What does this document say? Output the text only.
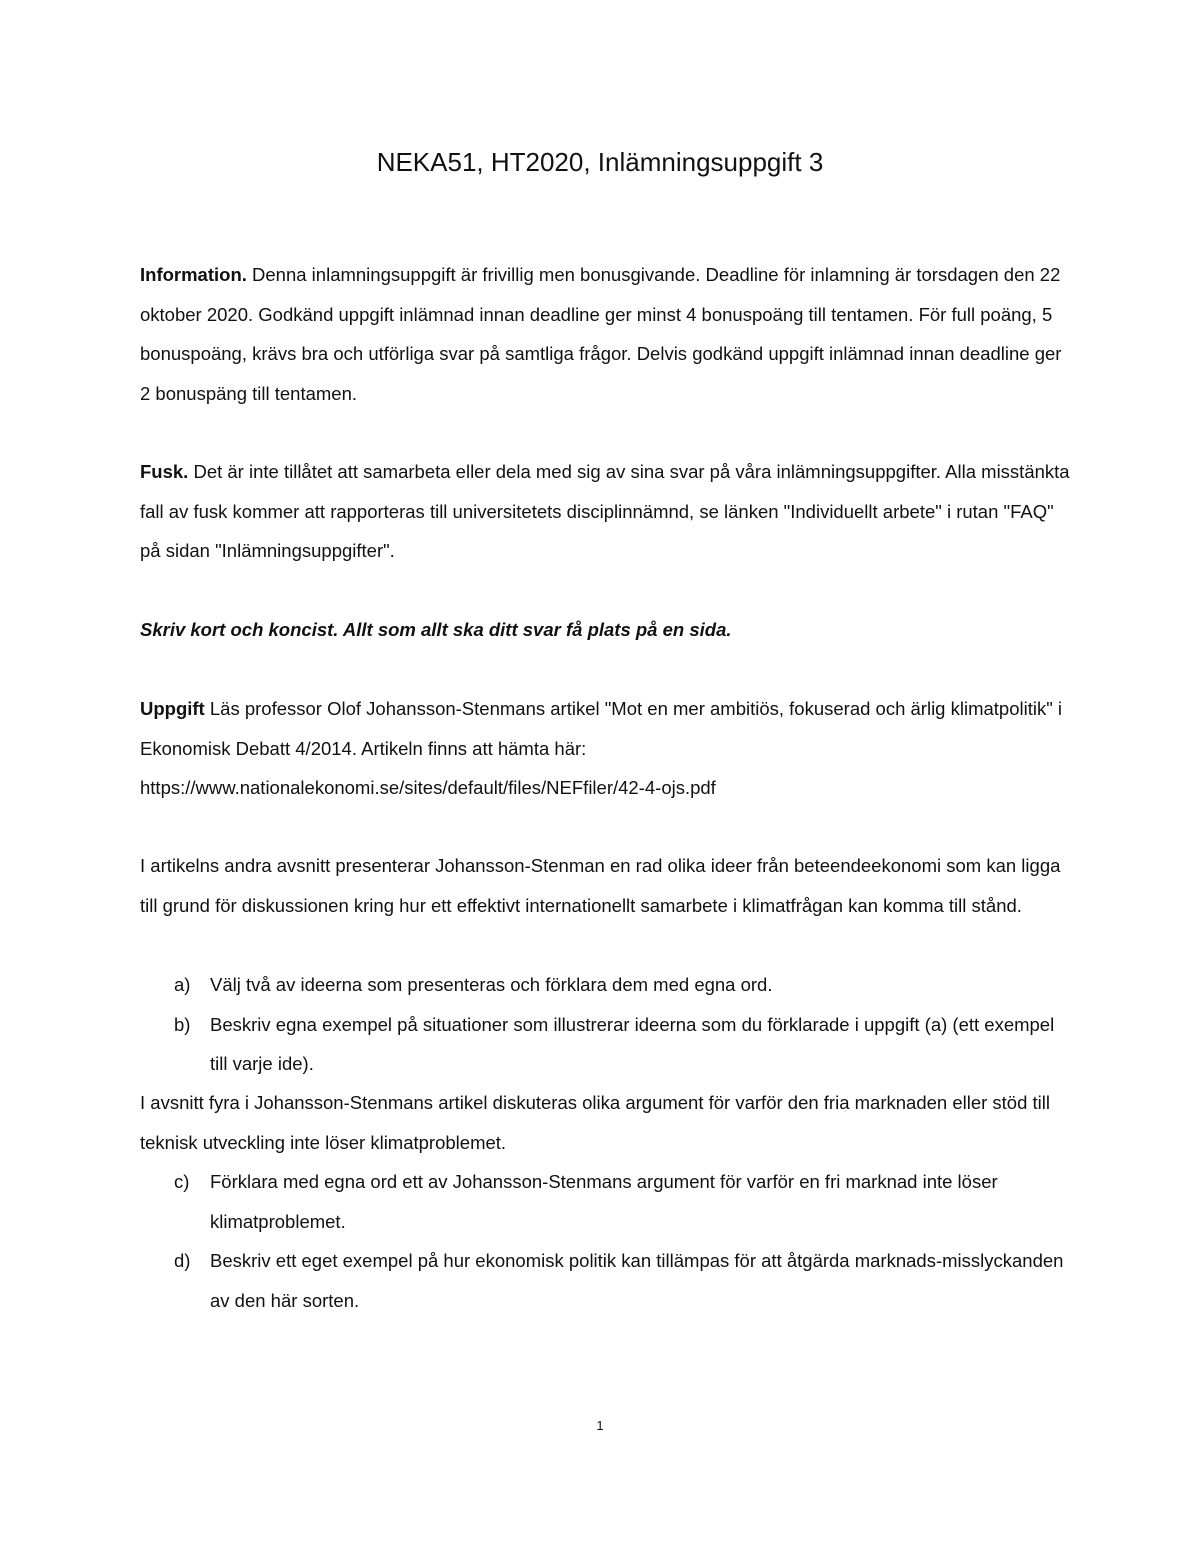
NEKA51, HT2020, Inlämningsuppgift 3

Information. Denna inlamningsuppgift är frivillig men bonusgivande. Deadline för inlamning är torsdagen den 22 oktober 2020. Godkänd uppgift inlämnad innan deadline ger minst 4 bonuspoäng till tentamen. För full poäng, 5 bonuspoäng, krävs bra och utförliga svar på samtliga frågor. Delvis godkänd uppgift inlämnad innan deadline ger 2 bonuspäng till tentamen.

Fusk. Det är inte tillåtet att samarbeta eller dela med sig av sina svar på våra inlämningsuppgifter. Alla misstänkta fall av fusk kommer att rapporteras till universitetets disciplinnämnd, se länken "Individuellt arbete" i rutan "FAQ" på sidan "Inlämningsuppgifter".

Skriv kort och koncist. Allt som allt ska ditt svar få plats på en sida.

Uppgift Läs professor Olof Johansson-Stenmans artikel "Mot en mer ambitiös, fokuserad och ärlig klimatpolitik" i Ekonomisk Debatt 4/2014. Artikeln finns att hämta här:
https://www.nationalekonomi.se/sites/default/files/NEFfiler/42-4-ojs.pdf

I artikelns andra avsnitt presenterar Johansson-Stenman en rad olika ideer från beteendeekonomi som kan ligga till grund för diskussionen kring hur ett effektivt internationellt samarbete i klimatfrågan kan komma till stånd.

a) Välj två av ideerna som presenteras och förklara dem med egna ord.
b) Beskriv egna exempel på situationer som illustrerar ideerna som du förklarade i uppgift (a) (ett exempel till varje ide).

I avsnitt fyra i Johansson-Stenmans artikel diskuteras olika argument för varför den fria marknaden eller stöd till teknisk utveckling inte löser klimatproblemet.

c) Förklara med egna ord ett av Johansson-Stenmans argument för varför en fri marknad inte löser klimatproblemet.
d) Beskriv ett eget exempel på hur ekonomisk politik kan tillämpas för att åtgärda marknads-misslyckanden av den här sorten.
1
